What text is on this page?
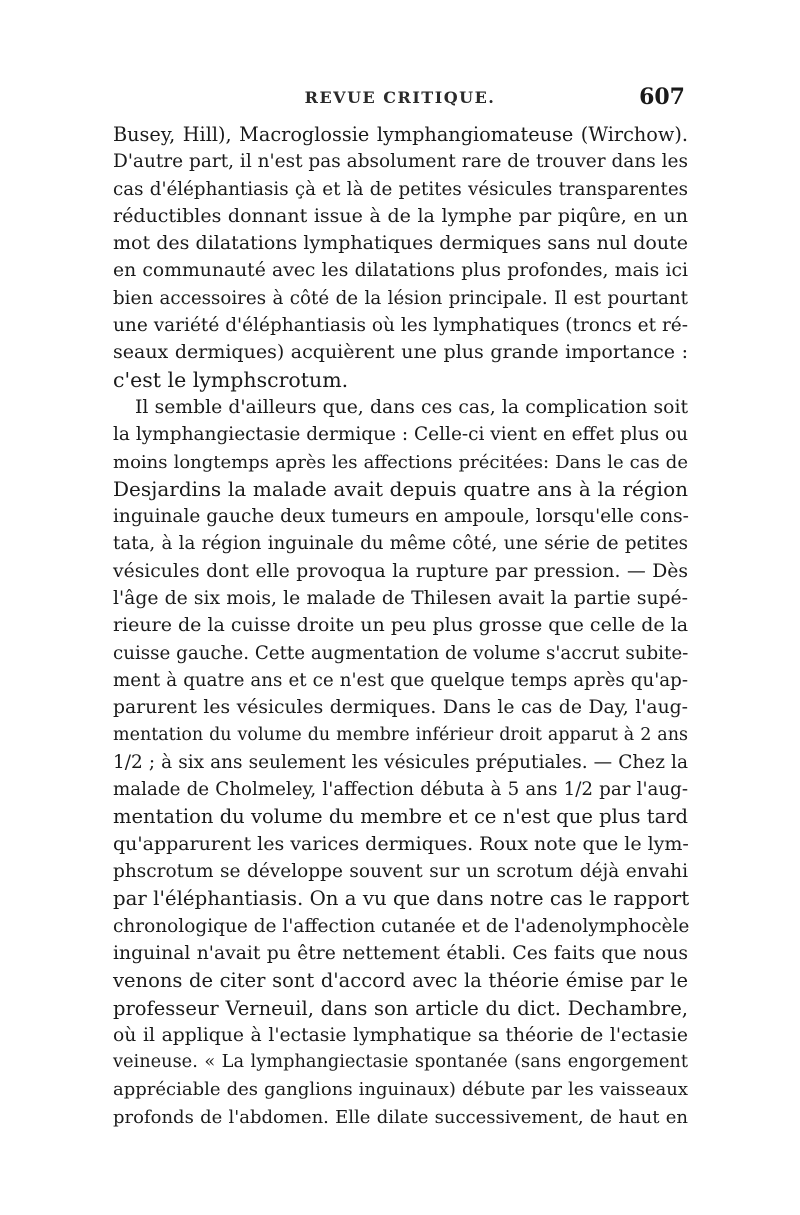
REVUE CRITIQUE.	607
Busey, Hill), Macroglossie lymphangiomateuse (Wirchow).
D'autre part, il n'est pas absolument rare de trouver dans les
cas d'éléphantiasis çà et là de petites vésicules transparentes
réductibles donnant issue à de la lymphe par piqûre, en un
mot des dilatations lymphatiques dermiques sans nul doute
en communauté avec les dilatations plus profondes, mais ici
bien accessoires à côté de la lésion principale. Il est pourtant
une variété d'éléphantiasis où les lymphatiques (troncs et ré-
seaux dermiques) acquièrent une plus grande importance :
c'est le lymphscrotum.
Il semble d'ailleurs que, dans ces cas, la complication soit
la lymphangiectasie dermique : Celle-ci vient en effet plus ou
moins longtemps après les affections précitées: Dans le cas de
Desjardins la malade avait depuis quatre ans à la région
inguinale gauche deux tumeurs en ampoule, lorsqu'elle cons-
tata, à la région inguinale du même côté, une série de petites
vésicules dont elle provoqua la rupture par pression. — Dès
l'âge de six mois, le malade de Thilesen avait la partie supé-
rieure de la cuisse droite un peu plus grosse que celle de la
cuisse gauche. Cette augmentation de volume s'accrut subite-
ment à quatre ans et ce n'est que quelque temps après qu'ap-
parurent les vésicules dermiques. Dans le cas de Day, l'aug-
mentation du volume du membre inférieur droit apparut à 2 ans
1/2 ; à six ans seulement les vésicules préputiales. — Chez la
malade de Cholmeley, l'affection débuta à 5 ans 1/2 par l'aug-
mentation du volume du membre et ce n'est que plus tard
qu'apparurent les varices dermiques. Roux note que le lym-
phscrotum se développe souvent sur un scrotum déjà envahi
par l'éléphantiasis. On a vu que dans notre cas le rapport
chronologique de l'affection cutanée et de l'adenolymphocèle
inguinal n'avait pu être nettement établi. Ces faits que nous
venons de citer sont d'accord avec la théorie émise par le
professeur Verneuil, dans son article du dict. Dechambre,
où il applique à l'ectasie lymphatique sa théorie de l'ectasie
veineuse. « La lymphangiectasie spontanée (sans engorgement
appréciable des ganglions inguinaux) débute par les vaisseaux
profonds de l'abdomen. Elle dilate successivement, de haut en
